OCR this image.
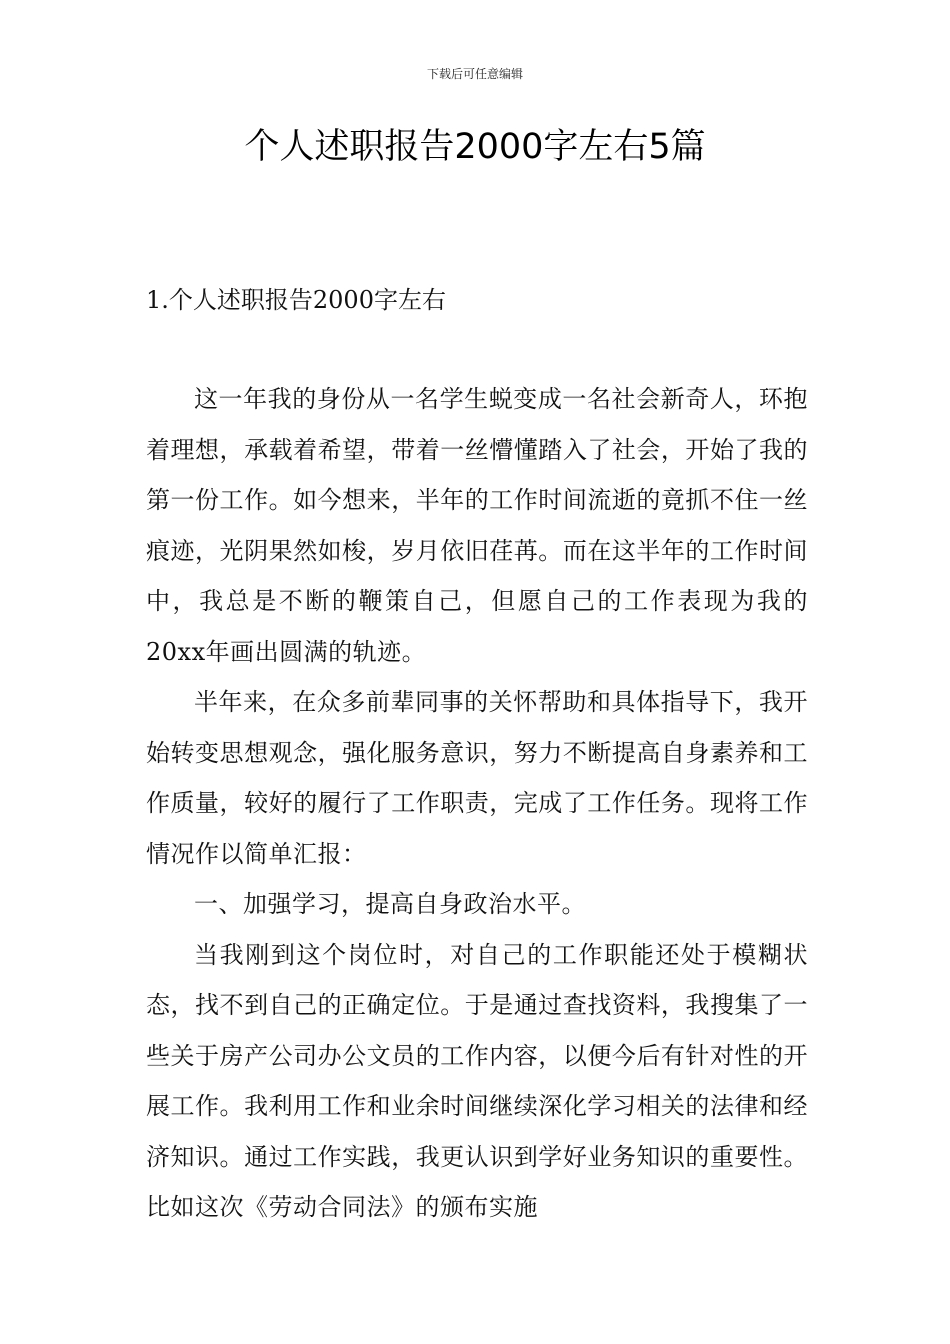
下载后可任意编辑
个人述职报告2000字左右5篇
1.个人述职报告2000字左右

这一年我的身份从一名学生蜕变成一名社会新奇人，环抱着理想，承载着希望，带着一丝懵懂踏入了社会，开始了我的第一份工作。如今想来，半年的工作时间流逝的竟抓不住一丝痕迹，光阴果然如梭，岁月依旧荏苒。而在这半年的工作时间中，我总是不断的鞭策自己，但愿自己的工作表现为我的20xx年画出圆满的轨迹。

半年来，在众多前辈同事的关怀帮助和具体指导下，我开始转变思想观念，强化服务意识，努力不断提高自身素养和工作质量，较好的履行了工作职责，完成了工作任务。现将工作情况作以简单汇报：

一、加强学习，提高自身政治水平。

当我刚到这个岗位时，对自己的工作职能还处于模糊状态，找不到自己的正确定位。于是通过查找资料，我搜集了一些关于房产公司办公文员的工作内容，以便今后有针对性的开展工作。我利用工作和业余时间继续深化学习相关的法律和经济知识。通过工作实践，我更认识到学好业务知识的重要性。比如这次《劳动合同法》的颁布实施
